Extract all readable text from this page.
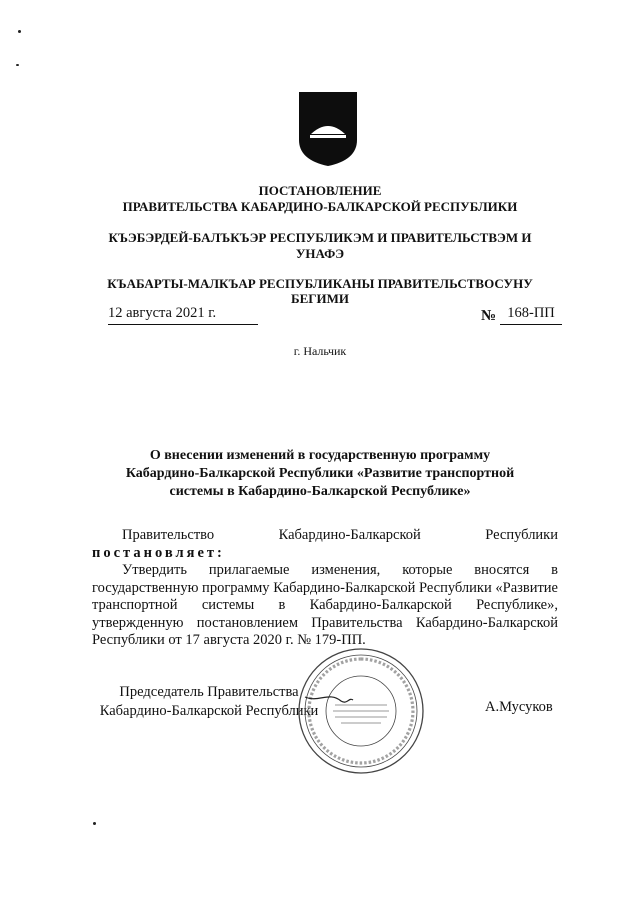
ПОСТАНОВЛЕНИЕ
ПРАВИТЕЛЬСТВА КАБАРДИНО-БАЛКАРСКОЙ РЕСПУБЛИКИ
КЪЭБЭРДЕЙ-БАЛЪКЪЭР РЕСПУБЛИКЭМ И ПРАВИТЕЛЬСТВЭМ И
УНАФЭ
КЪАБАРТЫ-МАЛКЪАР РЕСПУБЛИКАНЫ ПРАВИТЕЛЬСТВОСУНУ
БЕГИМИ
12 августа 2021 г.	№ 168-ПП
г. Нальчик
О внесении изменений в государственную программу
Кабардино-Балкарской Республики «Развитие транспортной
системы в Кабардино-Балкарской Республике»
Правительство	Кабардино-Балкарской	Республики
постановляет:
Утвердить прилагаемые изменения, которые вносятся в государственную программу Кабардино-Балкарской Республики «Развитие транспортной системы в Кабардино-Балкарской Республике», утвержденную постановлением Правительства Кабардино-Балкарской Республики от 17 августа 2020 г. № 179-ПП.
Председатель Правительства
Кабардино-Балкарской Республики	А.Мусуков
